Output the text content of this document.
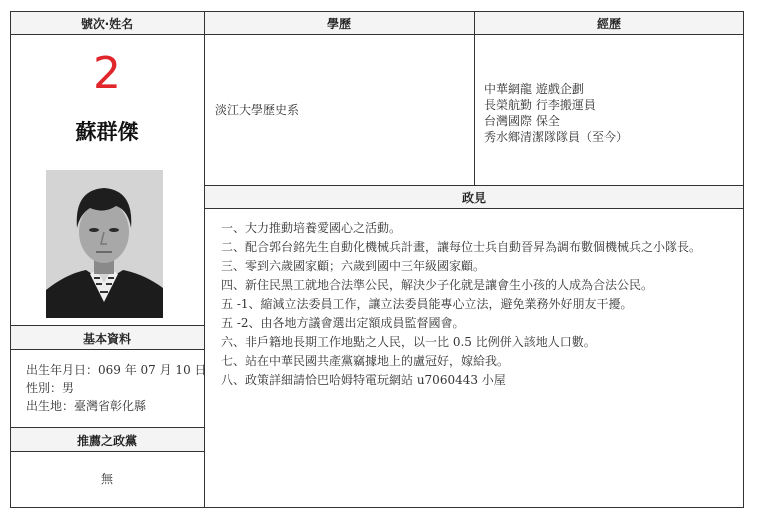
號次‧姓名	學歷	經歷
政見
基本資料
推薦之政黨
2
蘇群傑
淡江大學歷史系

中華網龍 遊戲企劃

長榮航勤 行李搬運員

台灣國際 保全

秀水鄉清潔隊隊員（至今）

一、大力推動培養愛國心之活動。

二、配合郭台銘先生自動化機械兵計畫，讓每位士兵自動晉昇為調布數個機械兵之小隊長。

三、零到六歲國家顧；六歲到國中三年級國家顧。

四、新住民黑工就地合法準公民，解決少子化就是讓會生小孩的人成為合法公民。

五 -1、縮減立法委員工作，讓立法委員能專心立法，避免業務外好朋友干擾。

五 -2、由各地方議會選出定額成員監督國會。

六、非戶籍地長期工作地點之人民，以一比 0.5 比例併入該地人口數。

七、站在中華民國共產黨竊據地上的盧冠好，嫁給我。

八、政策詳細請恰巴哈姆特電玩網站 u7060443 小屋

出生年月日：069 年 07 月 10 日

性別：男

出生地：臺灣省彰化縣

無
